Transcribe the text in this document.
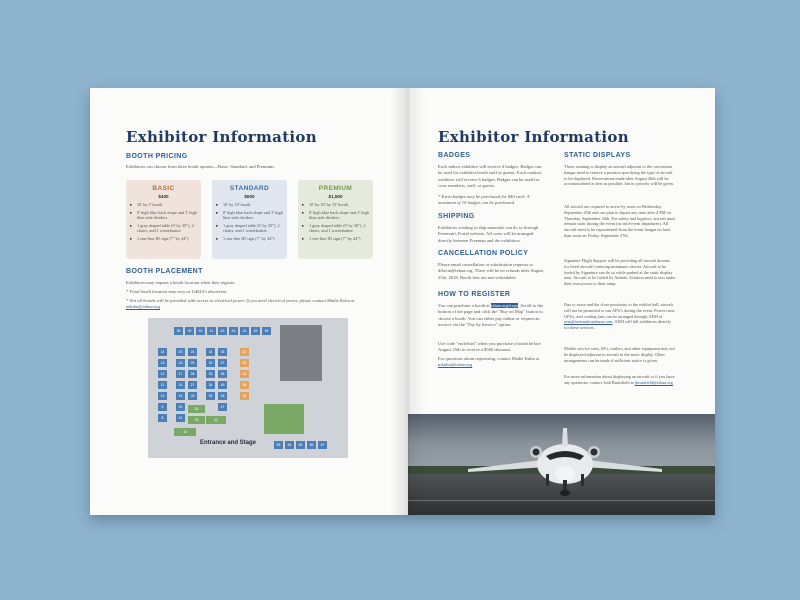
Exhibitor Information
BOOTH PRICING
Exhibitors can choose from three booth options—Basic, Standard, and Premium:
BASIC
$400
▸ 10' by 5' booth
▸ 8' high blue back drape and 3' high blue side dividers
▸ 1 gray draped table (6' by 30"), 2 chairs, and 1 wastebasket
▸ 1 one-line ID sign (7" by 44")
STANDARD
$600
▸ 10' by 10' booth
▸ 8' high blue back drape and 3' high blue side dividers
▸ 1 gray draped table (6' by 30"), 2 chairs, and 1 wastebasket
▸ 1 one-line ID sign (7" by 44")
PREMIUM
$1,500
▸ 10' by 20' by 15' booth
▸ 8' high blue back drape and 3' high blue side dividers
▸ 1 gray draped table (6' by 30"), 2 chairs, and 1 wastebasket
▸ 1 one-line ID sign (7" by 44")
BOOTH PLACEMENT
Exhibitors may request a booth location when they register.
* Final booth location may vary at TxBAA's discretion.
* Not all booths will be provided with access to electrical power. If you need electrical power, please contact Madie Kuhn at mkuhn@txbaa.org
38	39	40	41	42	43	44	45	46
14
13
12
11
10
9
8
15
16
17
18
19
20
21
24
25
26
27
28
31
32
33
34
35
36
37
38
49
48
47
52
53
54
55
56
30
29	22
63	64	65	66	67
10
Entrance and Stage
Exhibitor Information
BADGES
Each indoor exhibitor will receive 4 badges. Badges can be used for exhibitor booth staff or guests. Each outdoor exhibitor will receive 6 badges. Badges can be used for crew members, staff, or guests.
* Extra badges may be purchased for $40 each. A maximum of 10 badges can be purchased.
SHIPPING
Exhibitors wishing to ship materials can do so through Freeman's Portal website. All costs will be arranged directly between Freeman and the exhibitors.
CANCELLATION POLICY
Please email cancellation or substitution requests to dflavin@txbaa.org. There will be no refunds after August 25th, 2018. Booth fees are non-refundable.
HOW TO REGISTER
You can purchase a booth at txbaa.org/expo. Scroll to the bottom of the page and click the "Buy on Map" button to choose a booth. You can either pay online or request an invoice via the "Pay by Invoice" option.
Use code "earlybird" when you purchase a booth before August 25th to receive a $500 discount.
For questions about registering, contact Madie Kuhn at mkuhn@txbaa.org
STATIC DISPLAYS
Those wanting to display an aircraft adjacent to the convention hangar need to reserve a position specifying the type of aircraft to be displayed. Reservations made after August 26th will be accommodated as best as possible, but no priority will be given.
All aircraft are required to arrive by noon on Wednesday, September 25th and can plan to depart any time after 4 PM on Thursday, September 26th. For safety and logistics, aircraft must remain static during the event (no mid-event departures). All aircraft need to be repositioned from the event hangar no later than noon on Friday, September 27th.
Signature Flight Support will be providing all aircraft docents for fixed aircraft's entering minimum criteria. Aircraft to be fueled by Signature can do so while parked at the static display area. Aircraft to be fueled by Atlantic Aviation need to taxi under their own power to their ramp.
Due to noise and the close proximity to the exhibit hall, aircraft will not be permitted to run APU's during the event. Power carts, GPUs, and cooling fans can be arranged through AEM at aem@internationalaem.com. AEM will bill exhibitors directly for these services.
Mobile service carts, RVs, trailers, and other equipment may not be displayed adjacent to aircraft in the static display. Other arrangements can be made if sufficient notice is given.
For more information about displaying an aircraft or if you have any questions, contact Josh Brumfield at jbrumfield@txbaa.org
